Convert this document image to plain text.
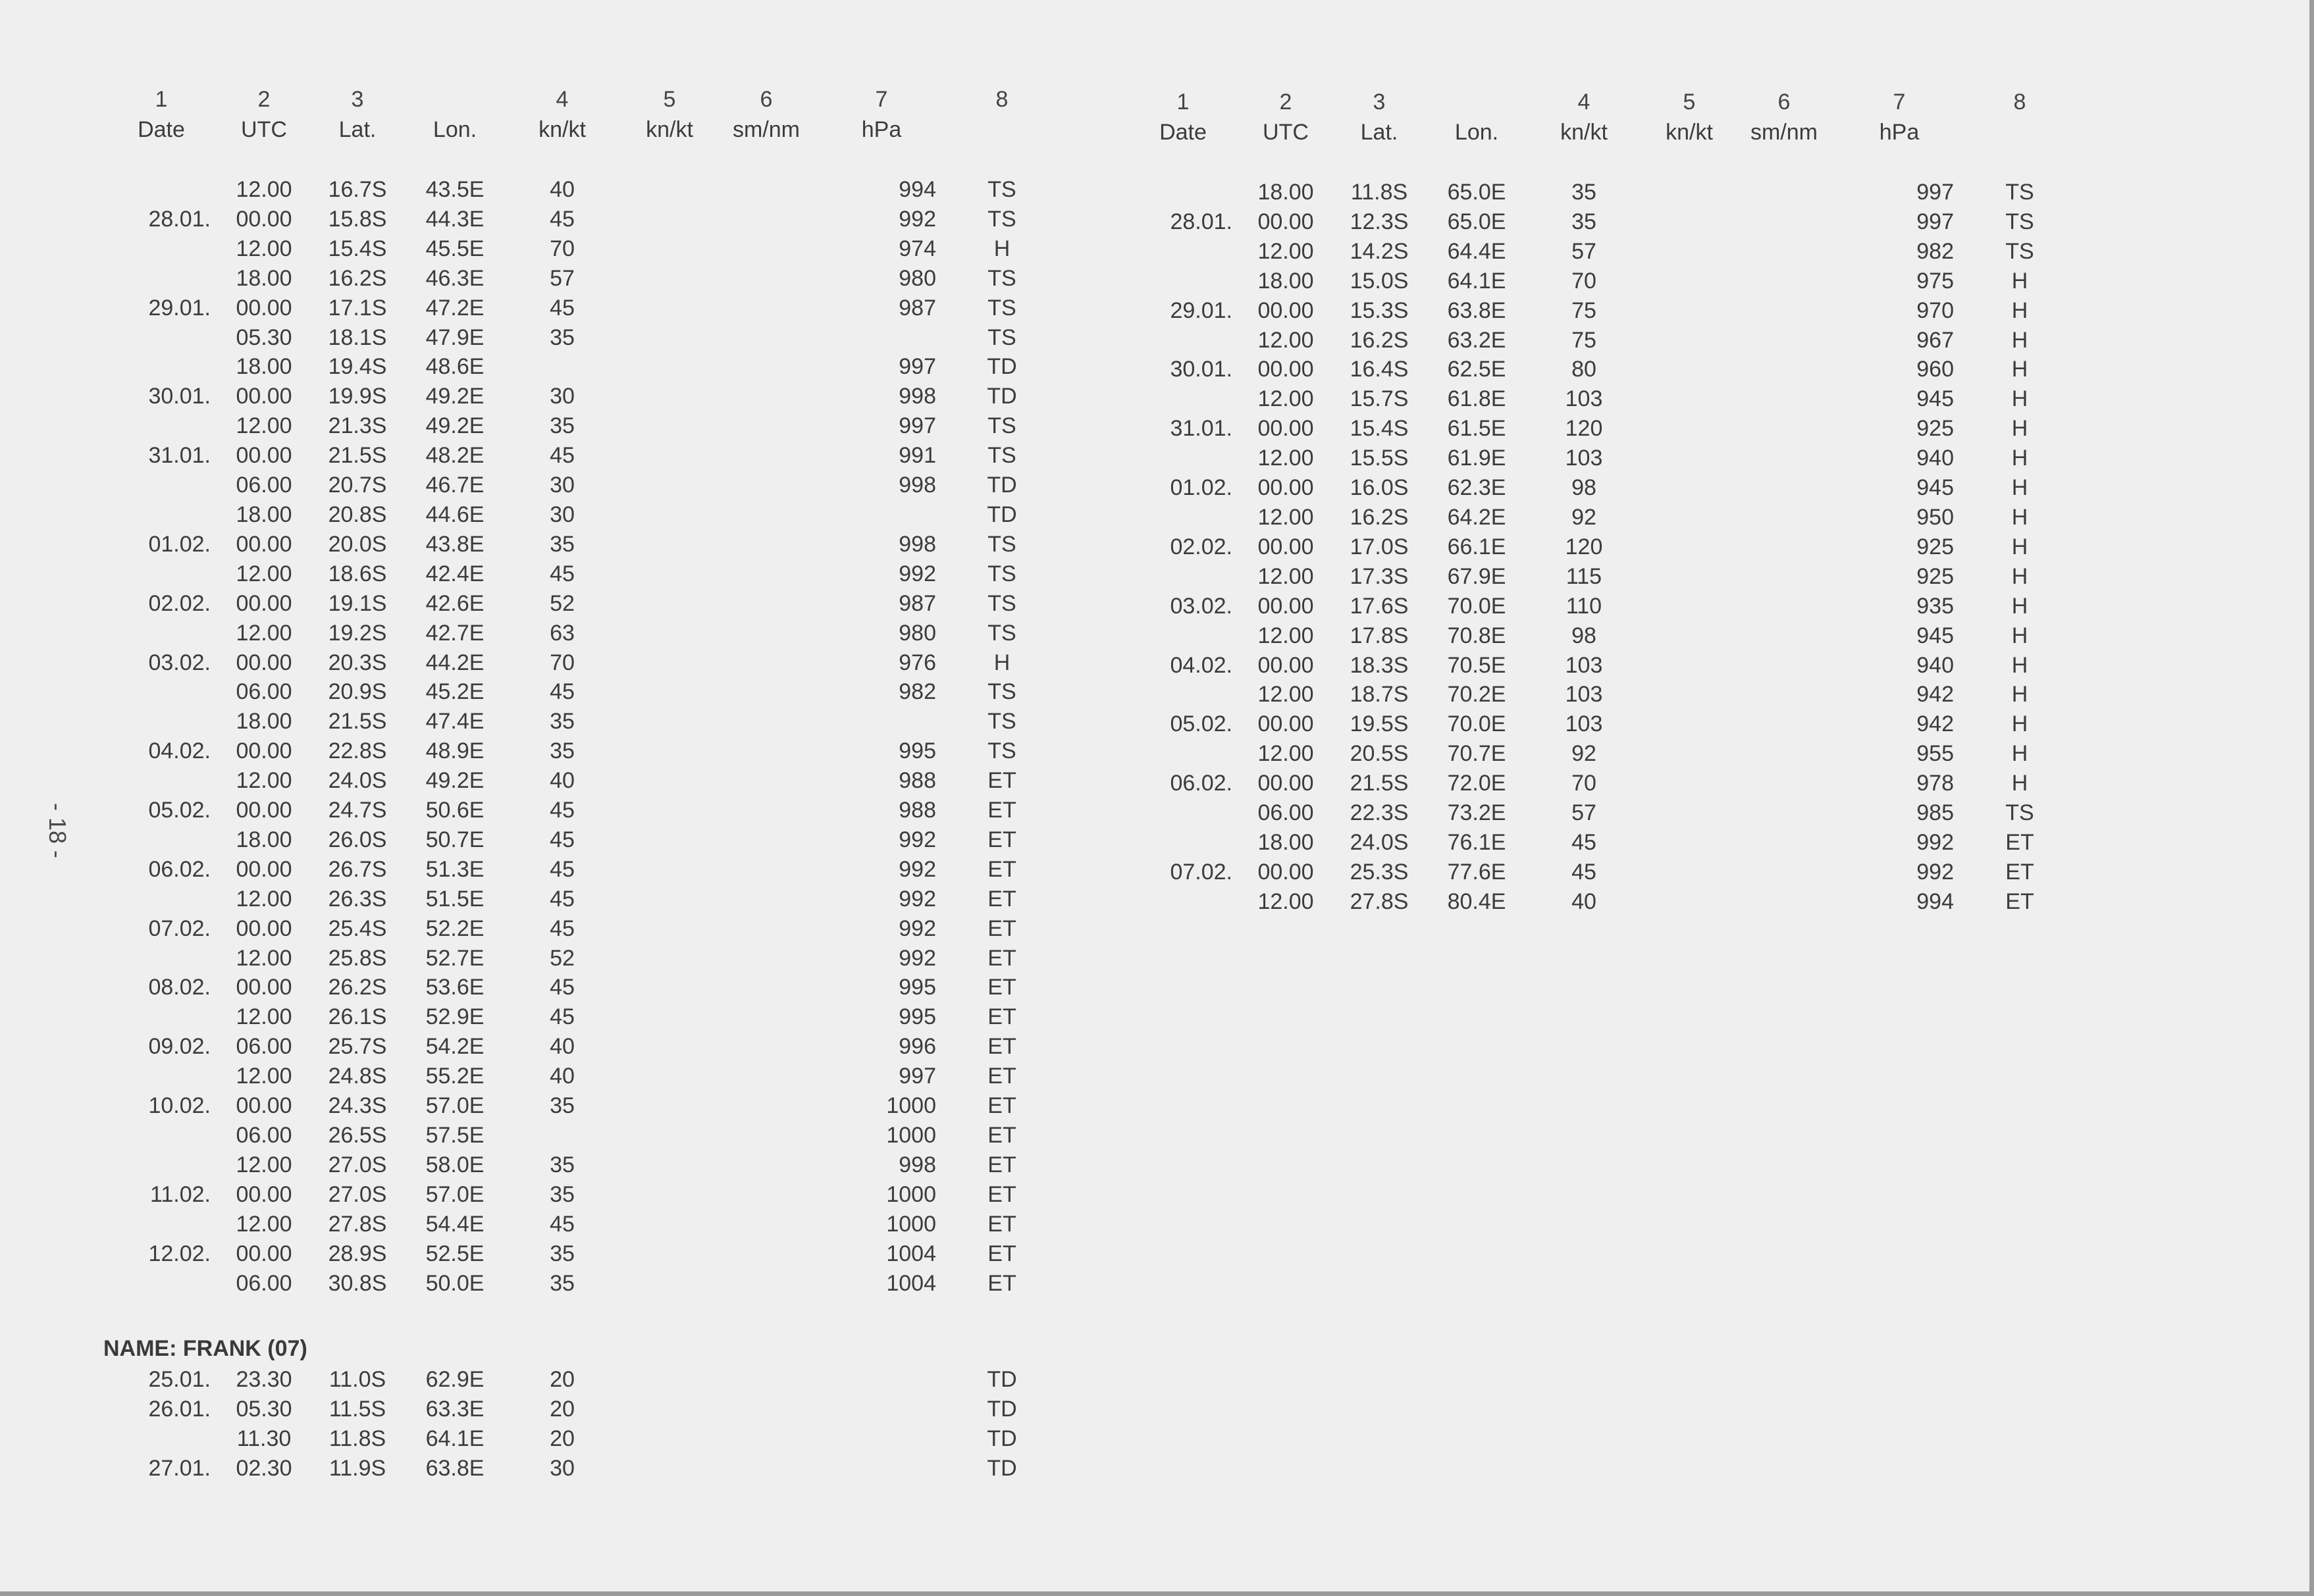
- 18 -
1	2	3		4	5	6	7	8
Date	UTC	Lat.	Lon.	kn/kt	kn/kt	sm/nm	hPa	

	12.00	16.7S	43.5E	40			994	TS
28.01.	00.00	15.8S	44.3E	45			992	TS
	12.00	15.4S	45.5E	70			974	H
	18.00	16.2S	46.3E	57			980	TS
29.01.	00.00	17.1S	47.2E	45			987	TS
	05.30	18.1S	47.9E	35				TS
	18.00	19.4S	48.6E				997	TD
30.01.	00.00	19.9S	49.2E	30			998	TD
	12.00	21.3S	49.2E	35			997	TS
31.01.	00.00	21.5S	48.2E	45			991	TS
	06.00	20.7S	46.7E	30			998	TD
	18.00	20.8S	44.6E	30				TD
01.02.	00.00	20.0S	43.8E	35			998	TS
	12.00	18.6S	42.4E	45			992	TS
02.02.	00.00	19.1S	42.6E	52			987	TS
	12.00	19.2S	42.7E	63			980	TS
03.02.	00.00	20.3S	44.2E	70			976	H
	06.00	20.9S	45.2E	45			982	TS
	18.00	21.5S	47.4E	35				TS
04.02.	00.00	22.8S	48.9E	35			995	TS
	12.00	24.0S	49.2E	40			988	ET
05.02.	00.00	24.7S	50.6E	45			988	ET
	18.00	26.0S	50.7E	45			992	ET
06.02.	00.00	26.7S	51.3E	45			992	ET
	12.00	26.3S	51.5E	45			992	ET
07.02.	00.00	25.4S	52.2E	45			992	ET
	12.00	25.8S	52.7E	52			992	ET
08.02.	00.00	26.2S	53.6E	45			995	ET
	12.00	26.1S	52.9E	45			995	ET
09.02.	06.00	25.7S	54.2E	40			996	ET
	12.00	24.8S	55.2E	40			997	ET
10.02.	00.00	24.3S	57.0E	35			1000	ET
	06.00	26.5S	57.5E				1000	ET
	12.00	27.0S	58.0E	35			998	ET
11.02.	00.00	27.0S	57.0E	35			1000	ET
	12.00	27.8S	54.4E	45			1000	ET
12.02.	00.00	28.9S	52.5E	35			1004	ET
	06.00	30.8S	50.0E	35			1004	ET
NAME: FRANK (07)
25.01.	23.30	11.0S	62.9E	20				TD
26.01.	05.30	11.5S	63.3E	20				TD
	11.30	11.8S	64.1E	20				TD
27.01.	02.30	11.9S	63.8E	30				TD
1	2	3		4	5	6	7	8
Date	UTC	Lat.	Lon.	kn/kt	kn/kt	sm/nm	hPa	

	18.00	11.8S	65.0E	35			997	TS
28.01.	00.00	12.3S	65.0E	35			997	TS
	12.00	14.2S	64.4E	57			982	TS
	18.00	15.0S	64.1E	70			975	H
29.01.	00.00	15.3S	63.8E	75			970	H
	12.00	16.2S	63.2E	75			967	H
30.01.	00.00	16.4S	62.5E	80			960	H
	12.00	15.7S	61.8E	103			945	H
31.01.	00.00	15.4S	61.5E	120			925	H
	12.00	15.5S	61.9E	103			940	H
01.02.	00.00	16.0S	62.3E	98			945	H
	12.00	16.2S	64.2E	92			950	H
02.02.	00.00	17.0S	66.1E	120			925	H
	12.00	17.3S	67.9E	115			925	H
03.02.	00.00	17.6S	70.0E	110			935	H
	12.00	17.8S	70.8E	98			945	H
04.02.	00.00	18.3S	70.5E	103			940	H
	12.00	18.7S	70.2E	103			942	H
05.02.	00.00	19.5S	70.0E	103			942	H
	12.00	20.5S	70.7E	92			955	H
06.02.	00.00	21.5S	72.0E	70			978	H
	06.00	22.3S	73.2E	57			985	TS
	18.00	24.0S	76.1E	45			992	ET
07.02.	00.00	25.3S	77.6E	45			992	ET
	12.00	27.8S	80.4E	40			994	ET
